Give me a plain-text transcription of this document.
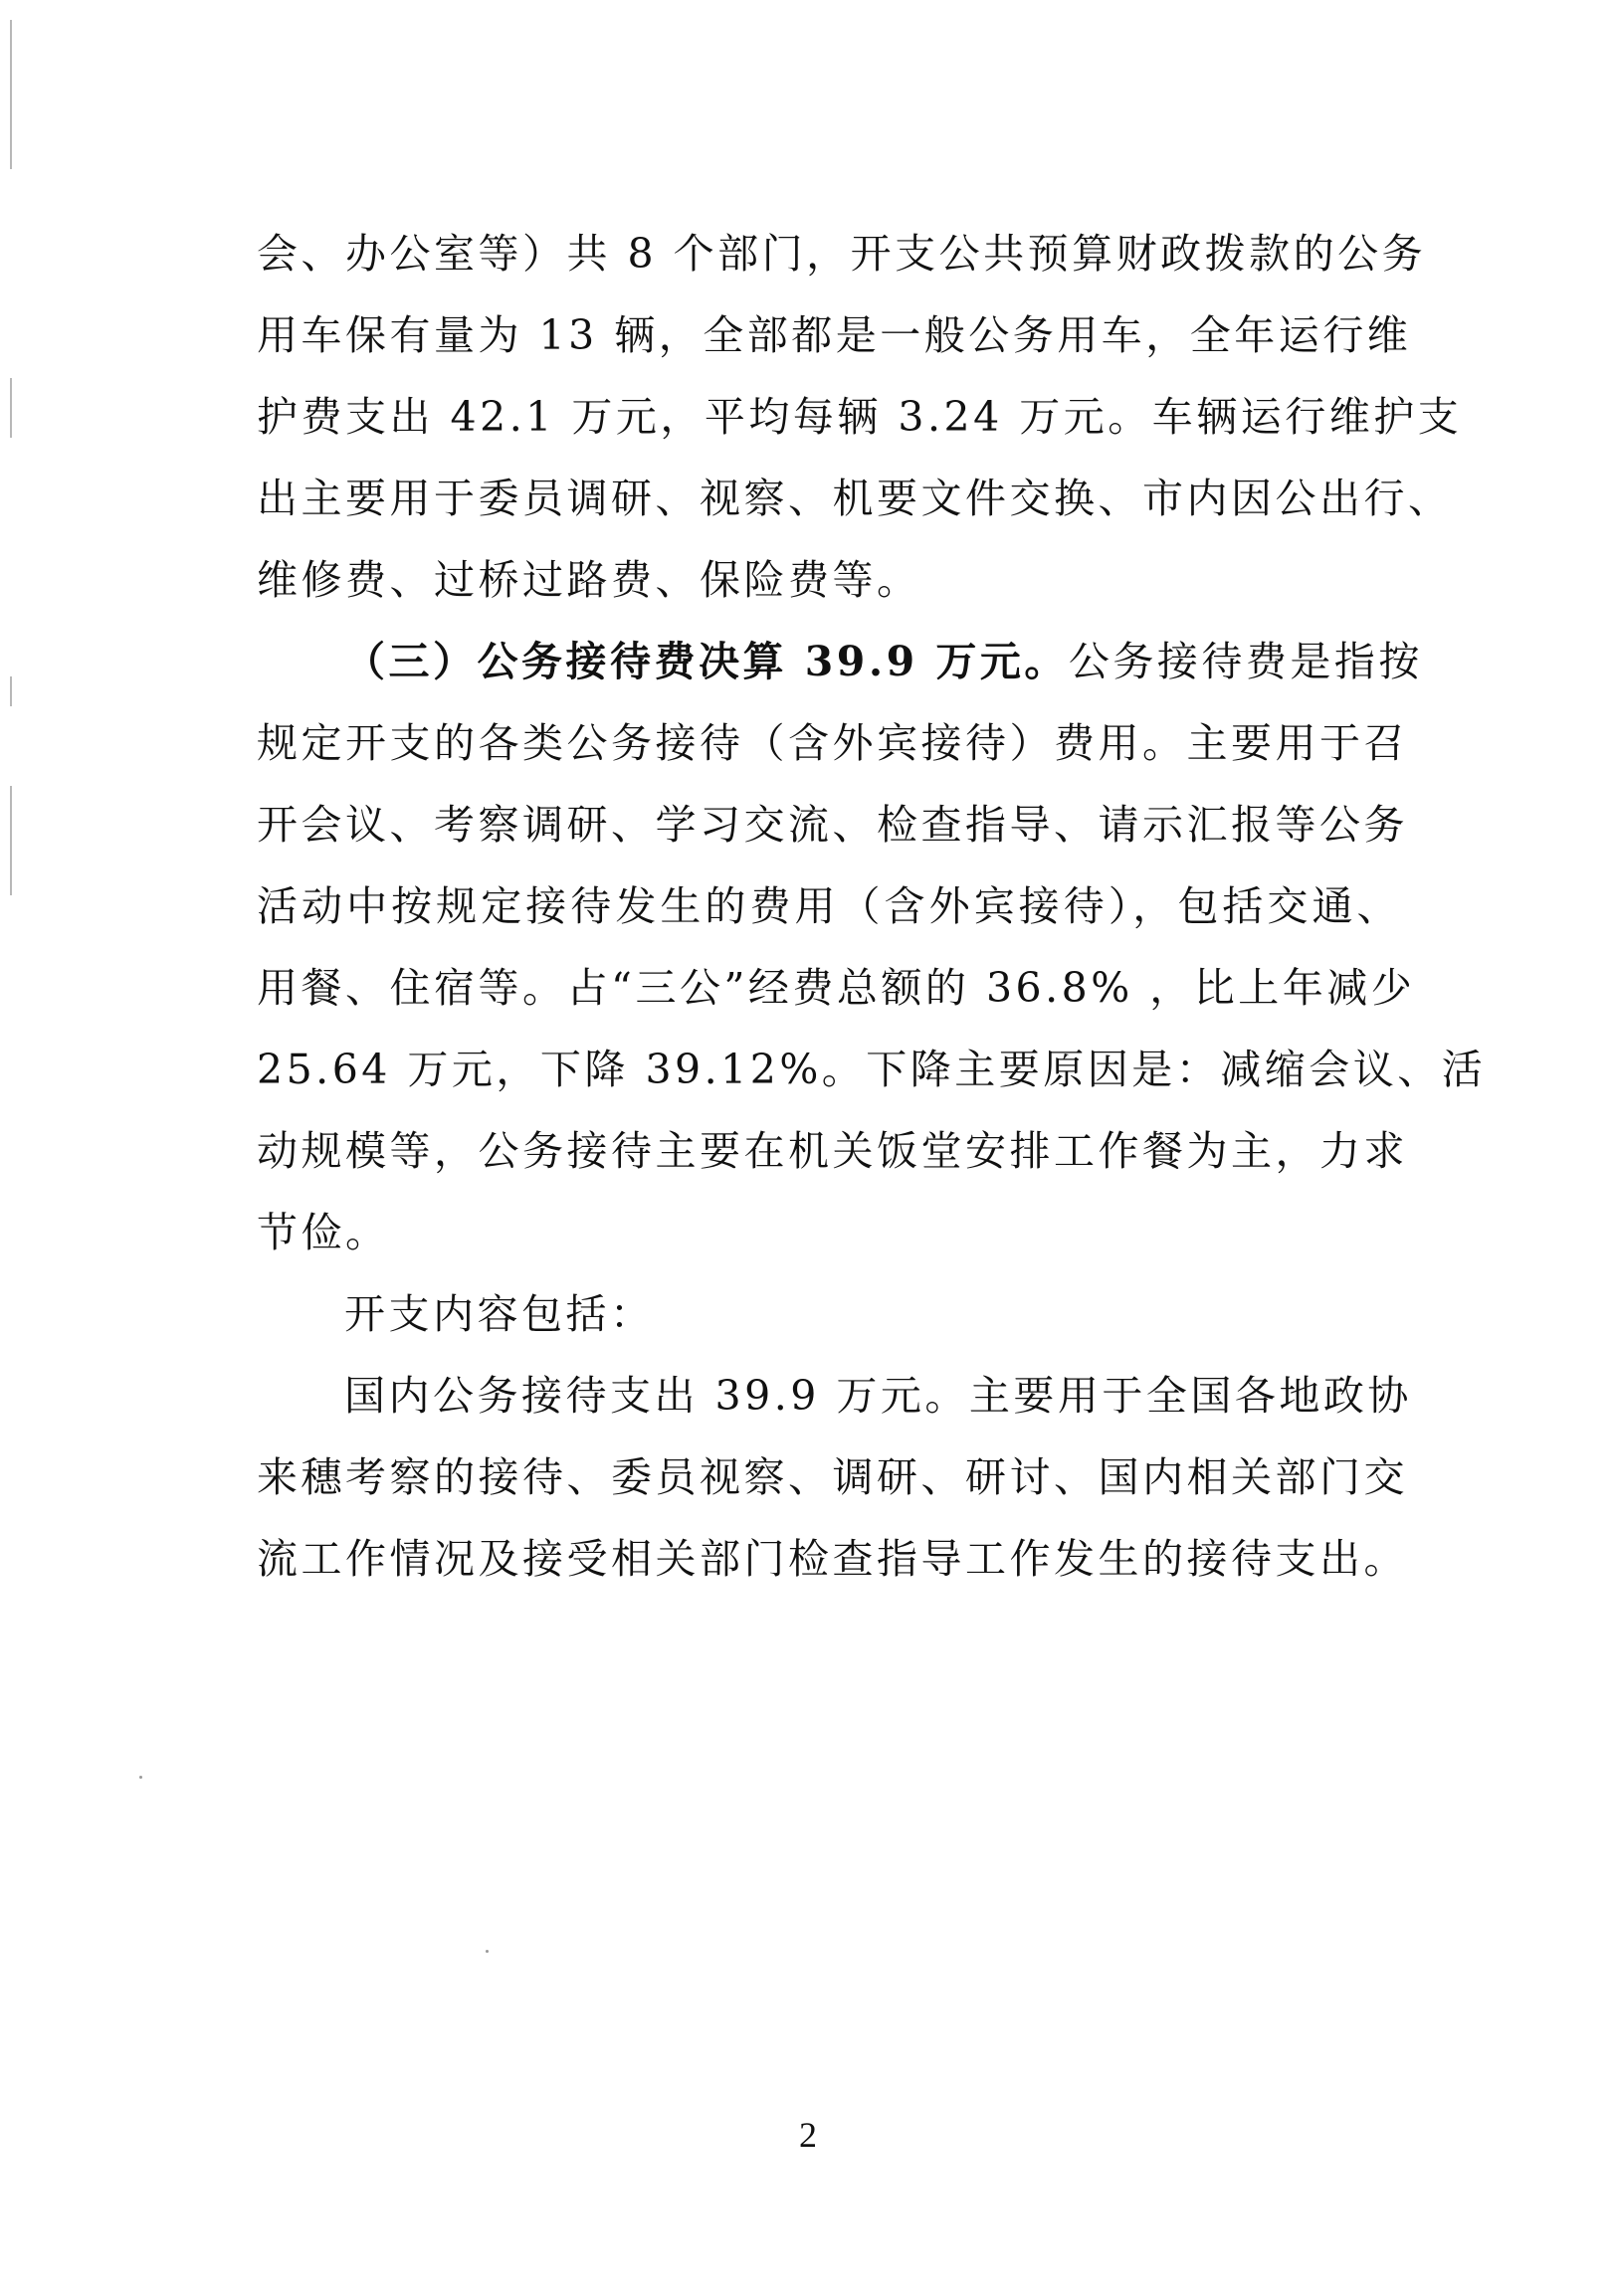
会、办公室等）共 8 个部门，开支公共预算财政拨款的公务
用车保有量为 13 辆，全部都是一般公务用车，全年运行维
护费支出 42.1 万元，平均每辆 3.24 万元。车辆运行维护支
出主要用于委员调研、视察、机要文件交换、市内因公出行、
维修费、过桥过路费、保险费等。
（三）公务接待费决算 39.9 万元。公务接待费是指按
规定开支的各类公务接待（含外宾接待）费用。主要用于召
开会议、考察调研、学习交流、检查指导、请示汇报等公务
活动中按规定接待发生的费用（含外宾接待），包括交通、
用餐、住宿等。占“三公”经费总额的 36.8% ，比上年减少
25.64 万元，下降 39.12%。下降主要原因是：减缩会议、活
动规模等，公务接待主要在机关饭堂安排工作餐为主，力求
节俭。
开支内容包括：
国内公务接待支出 39.9 万元。主要用于全国各地政协
来穗考察的接待、委员视察、调研、研讨、国内相关部门交
流工作情况及接受相关部门检查指导工作发生的接待支出。
2
